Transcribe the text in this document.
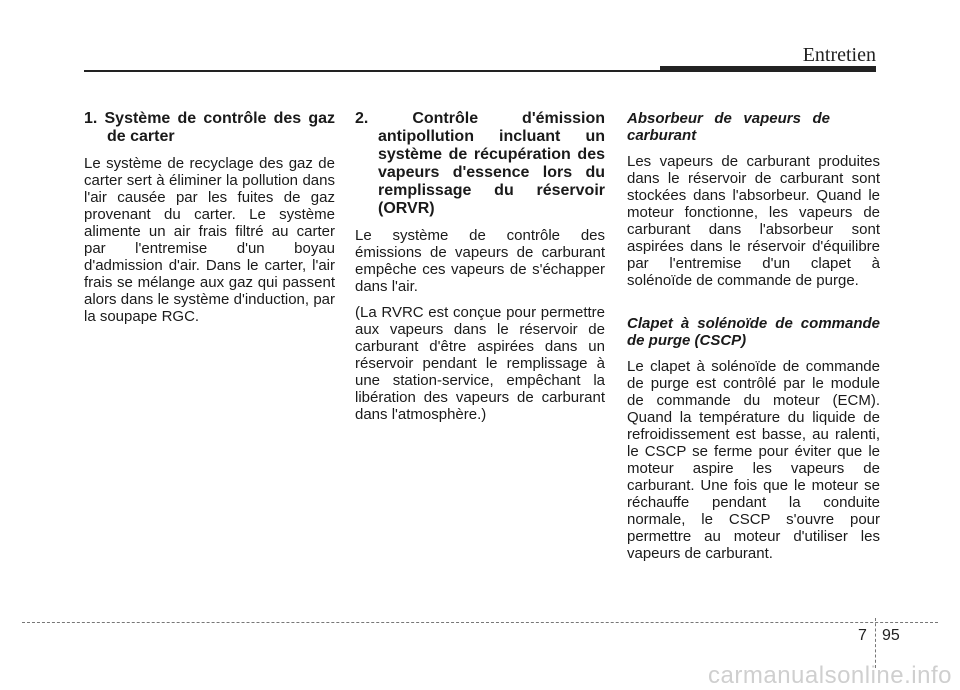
Entretien

1. Système de contrôle des gaz de carter

Le système de recyclage des gaz de carter sert à éliminer la pollution dans l'air causée par les fuites de gaz provenant du carter. Le système alimente un air frais filtré au carter par l'entremise d'un boyau d'admission d'air. Dans le carter, l'air frais se mélange aux gaz qui passent alors dans le système d'induction, par la soupape RGC.

2. Contrôle d'émission antipollution incluant un système de récupération des vapeurs d'essence lors du remplissage du réservoir (ORVR)

Le système de contrôle des émissions de vapeurs de carburant empêche ces vapeurs de s'échapper dans l'air.

(La RVRC est conçue pour permettre aux vapeurs dans le réservoir de carburant d'être aspirées dans un réservoir pendant le remplissage à une station-service, empêchant la libération des vapeurs de carburant dans l'atmosphère.)

Absorbeur de vapeurs de carburant

Les vapeurs de carburant produites dans le réservoir de carburant sont stockées dans l'absorbeur. Quand le moteur fonctionne, les vapeurs de carburant dans l'absorbeur sont aspirées dans le réservoir d'équilibre par l'entremise d'un clapet à solénoïde de commande de purge.

Clapet à solénoïde de commande de purge (CSCP)

Le clapet à solénoïde de commande de purge est contrôlé par le module de commande du moteur (ECM). Quand la température du liquide de refroidissement est basse, au ralenti, le CSCP se ferme pour éviter que le moteur aspire les vapeurs de carburant. Une fois que le moteur se réchauffe pendant la conduite normale, le CSCP s'ouvre pour permettre au moteur d'utiliser les vapeurs de carburant.

7 95
carmanualsonline.info
